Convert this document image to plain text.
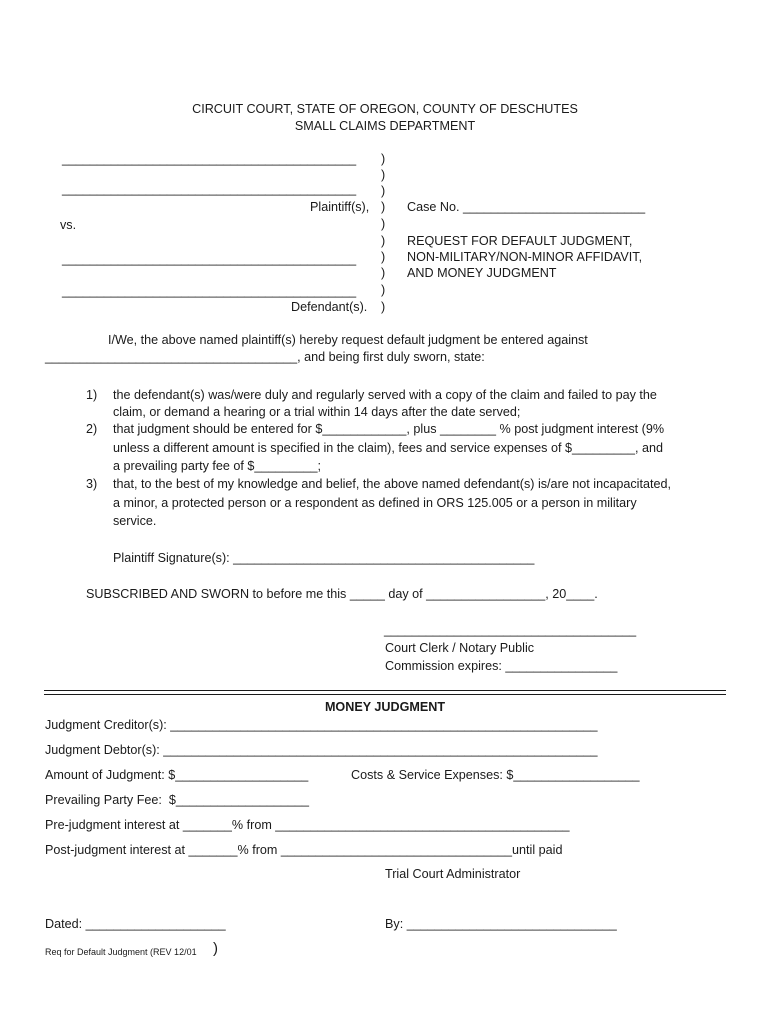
CIRCUIT COURT, STATE OF OREGON, COUNTY OF DESCHUTES
SMALL CLAIMS DEPARTMENT
__________________________________________
__________________________________________
Plaintiff(s),
vs.
__________________________________________
__________________________________________
Defendant(s).
)
)
)
)
)
)
)
)
)
)
Case No. __________________________
REQUEST FOR DEFAULT JUDGMENT,
NON-MILITARY/NON-MINOR AFFIDAVIT,
AND MONEY JUDGMENT
I/We, the above named plaintiff(s) hereby request default judgment be entered against
____________________________________, and being first duly sworn, state:
1) the defendant(s) was/were duly and regularly served with a copy of the claim and failed to pay the
claim, or demand a hearing or a trial within 14 days after the date served;
2) that judgment should be entered for $____________, plus ________ % post judgment interest (9%
unless a different amount is specified in the claim), fees and service expenses of $_________, and
a prevailing party fee of $_________;
3) that, to the best of my knowledge and belief, the above named defendant(s) is/are not incapacitated,
a minor, a protected person or a respondent as defined in ORS 125.005 or a person in military
service.
Plaintiff Signature(s): ___________________________________________
SUBSCRIBED AND SWORN to before me this _____ day of _________________, 20____.
____________________________________
Court Clerk / Notary Public
Commission expires: ________________
MONEY JUDGMENT
Judgment Creditor(s): _____________________________________________________________
Judgment Debtor(s): ______________________________________________________________
Amount of Judgment: $___________________	Costs & Service Expenses: $__________________
Prevailing Party Fee:  $___________________
Pre-judgment interest at _______% from __________________________________________
Post-judgment interest at _______% from _________________________________until paid
Trial Court Administrator
Dated: ____________________	By: ______________________________
Req for Default Judgment (REV 12/01 )
